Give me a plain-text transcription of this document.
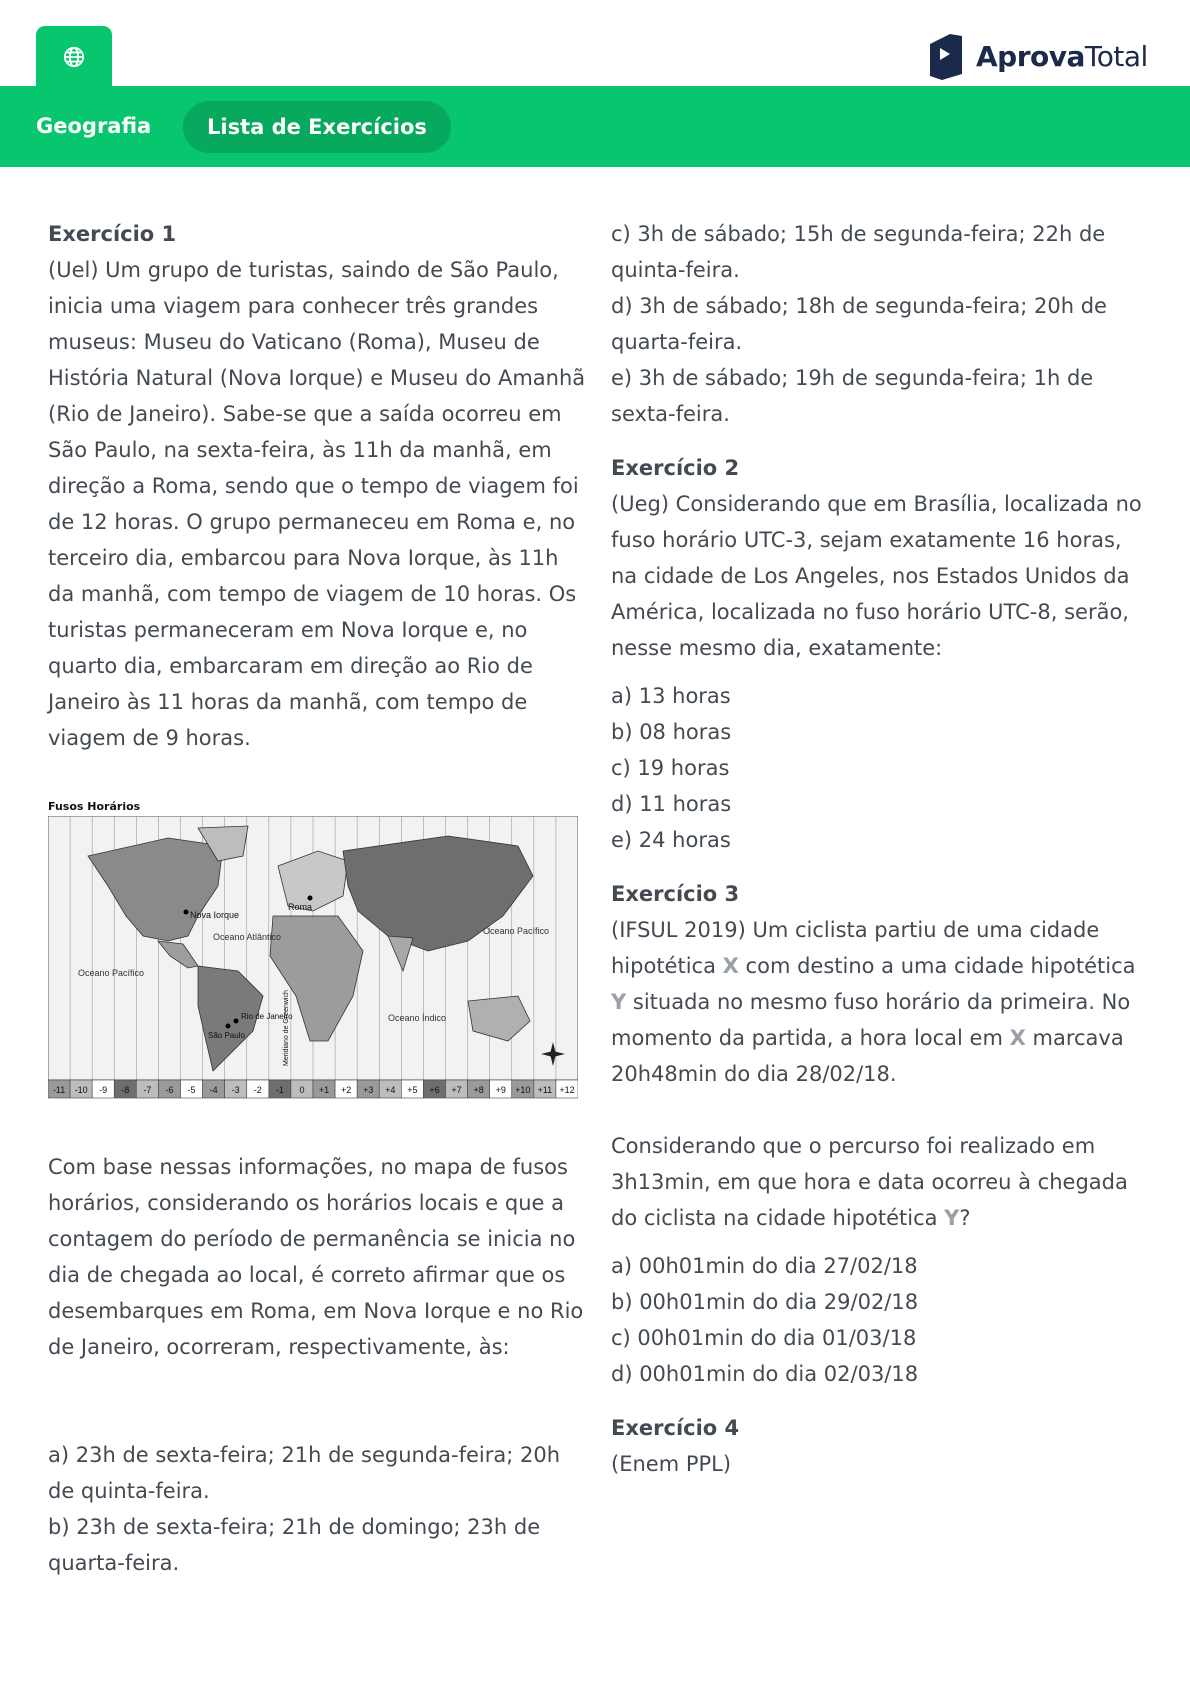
AprovaTotal
Geografia	Lista de Exercícios

Exercício 1

(Uel) Um grupo de turistas, saindo de São Paulo, inicia uma viagem para conhecer três grandes museus: Museu do Vaticano (Roma), Museu de História Natural (Nova Iorque) e Museu do Amanhã (Rio de Janeiro). Sabe-se que a saída ocorreu em São Paulo, na sexta-feira, às 11h da manhã, em direção a Roma, sendo que o tempo de viagem foi de 12 horas. O grupo permaneceu em Roma e, no terceiro dia, embarcou para Nova Iorque, às 11h da manhã, com tempo de viagem de 10 horas. Os turistas permaneceram em Nova Iorque e, no quarto dia, embarcaram em direção ao Rio de Janeiro às 11 horas da manhã, com tempo de viagem de 9 horas.

Fusos Horários
Nova Iorque
Roma
Oceano Atlântico
Oceano Pacífico
Oceano Pacífico
Oceano Índico
Rio de Janeiro
São Paulo	Meridiano de Greenwich
-11 -10 -9 -8 -7 -6 -5 -4 -3 -2 -1 0 +1 +2 +3 +4 +5 +6 +7 +8 +9 +10 +11 +12

Com base nessas informações, no mapa de fusos horários, considerando os horários locais e que a contagem do período de permanência se inicia no dia de chegada ao local, é correto afirmar que os desembarques em Roma, em Nova Iorque e no Rio de Janeiro, ocorreram, respectivamente, às:

a) 23h de sexta-feira; 21h de segunda-feira; 20h de quinta-feira.

b) 23h de sexta-feira; 21h de domingo; 23h de quarta-feira.

c) 3h de sábado; 15h de segunda-feira; 22h de quinta-feira.

d) 3h de sábado; 18h de segunda-feira; 20h de quarta-feira.

e) 3h de sábado; 19h de segunda-feira; 1h de sexta-feira.

Exercício 2

(Ueg) Considerando que em Brasília, localizada no fuso horário UTC-3, sejam exatamente 16 horas, na cidade de Los Angeles, nos Estados Unidos da América, localizada no fuso horário UTC-8, serão, nesse mesmo dia, exatamente:

a) 13 horas

b) 08 horas

c) 19 horas

d) 11 horas

e) 24 horas

Exercício 3

(IFSUL 2019) Um ciclista partiu de uma cidade hipotética X com destino a uma cidade hipotética Y situada no mesmo fuso horário da primeira. No momento da partida, a hora local em X marcava 20h48min do dia 28/02/18.

Considerando que o percurso foi realizado em 3h13min, em que hora e data ocorreu à chegada do ciclista na cidade hipotética Y?

a) 00h01min do dia 27/02/18

b) 00h01min do dia 29/02/18

c) 00h01min do dia 01/03/18

d) 00h01min do dia 02/03/18

Exercício 4

(Enem PPL)
